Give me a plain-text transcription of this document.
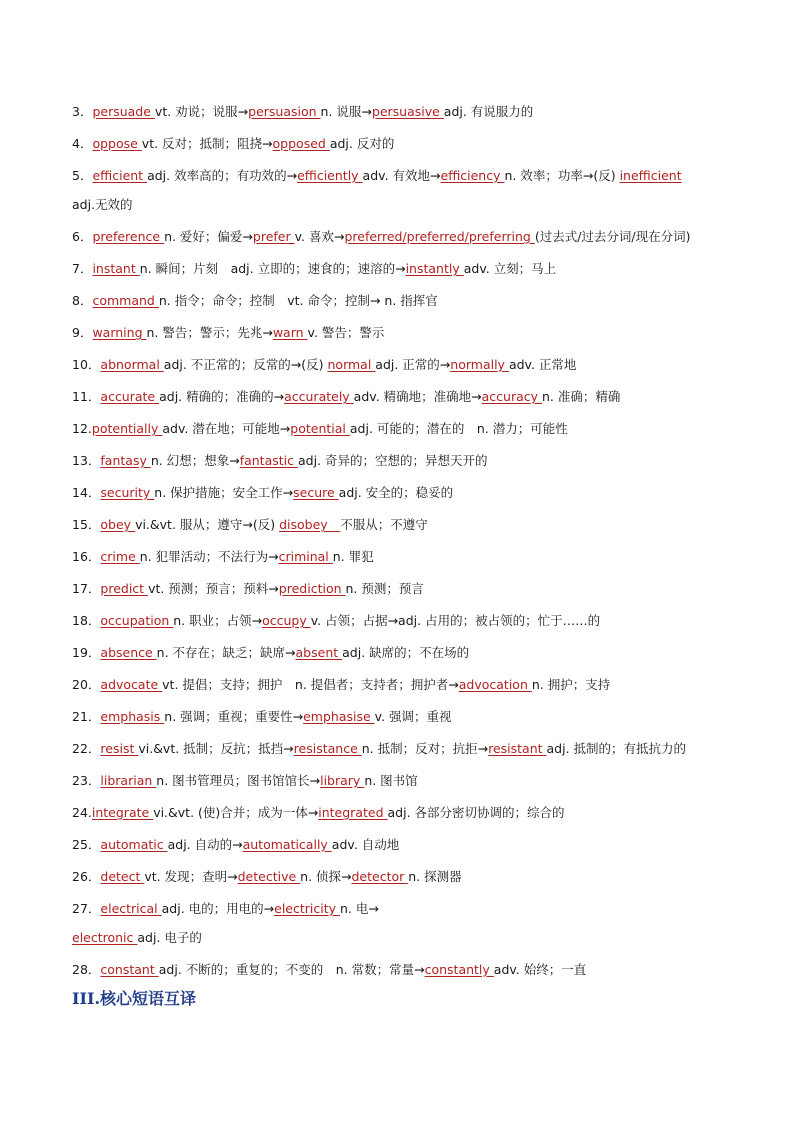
3．persuade vt. 劝说；说服→persuasion n. 说服→persuasive adj. 有说服力的
4．oppose vt. 反对；抵制；阻挠→opposed adj. 反对的
5．efficient adj. 效率高的；有功效的→efficiently adv. 有效地→efficiency n. 效率；功率→(反) inefficient
adj.无效的
6．preference n. 爱好；偏爱→prefer v. 喜欢→preferred/preferred/preferring (过去式/过去分词/现在分词)
7．instant n. 瞬间；片刻　adj. 立即的；速食的；速溶的→instantly adv. 立刻；马上
8．command n. 指令；命令；控制　vt. 命令；控制→ n. 指挥官
9．warning n. 警告；警示；先兆→warn v. 警告；警示
10．abnormal adj. 不正常的；反常的→(反) normal adj. 正常的→normally adv. 正常地
11．accurate adj. 精确的；准确的→accurately adv. 精确地；准确地→accuracy n. 准确；精确
12.potentially adv. 潜在地；可能地→potential adj. 可能的；潜在的　n. 潜力；可能性
13．fantasy n. 幻想；想象→fantastic adj. 奇异的；空想的；异想天开的
14．security n. 保护措施；安全工作→secure adj. 安全的；稳妥的
15．obey vi.&vt. 服从；遵守→(反) disobey　不服从；不遵守
16．crime n. 犯罪活动；不法行为→criminal n. 罪犯
17．predict vt. 预测；预言；预料→prediction n. 预测；预言
18．occupation n. 职业；占领→occupy v. 占领；占据→adj. 占用的；被占领的；忙于……的
19．absence n. 不存在；缺乏；缺席→absent adj. 缺席的；不在场的
20．advocate vt. 提倡；支持；拥护　n. 提倡者；支持者；拥护者→advocation n. 拥护；支持
21．emphasis n. 强调；重视；重要性→emphasise v. 强调；重视
22．resist vi.&vt. 抵制；反抗；抵挡→resistance n. 抵制；反对；抗拒→resistant adj. 抵制的；有抵抗力的
23．librarian n. 图书管理员；图书馆馆长→library n. 图书馆
24.integrate vi.&vt. (使)合并；成为一体→integrated adj. 各部分密切协调的；综合的
25．automatic adj. 自动的→automatically adv. 自动地
26．detect vt. 发现；查明→detective n. 侦探→detector n. 探测器
27．electrical adj. 电的；用电的→electricity n. 电→
electronic adj. 电子的
28．constant adj. 不断的；重复的；不变的　n. 常数；常量→constantly adv. 始终；一直
III.核心短语互译
